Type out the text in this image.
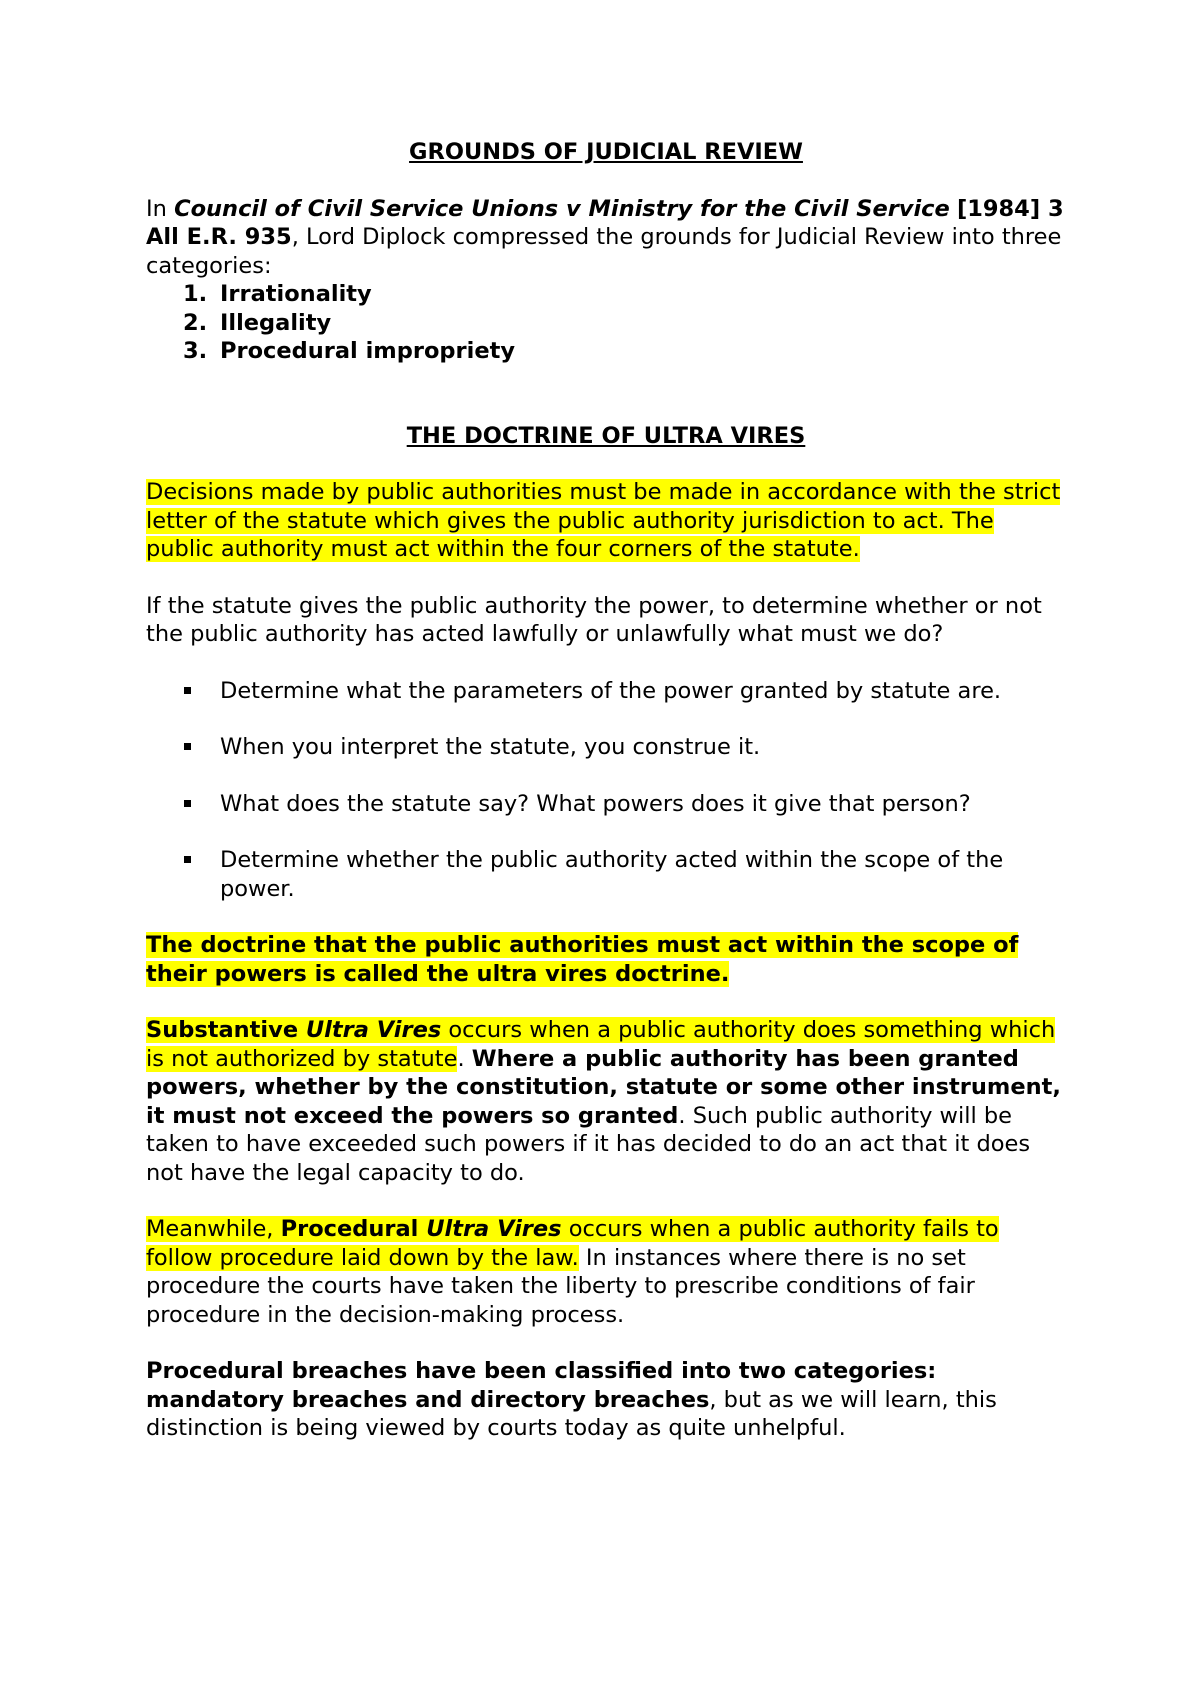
GROUNDS OF JUDICIAL REVIEW

In Council of Civil Service Unions v Ministry for the Civil Service [1984] 3 All E.R. 935, Lord Diplock compressed the grounds for Judicial Review into three categories:

1. Irrationality
2. Illegality
3. Procedural impropriety

THE DOCTRINE OF ULTRA VIRES

Decisions made by public authorities must be made in accordance with the strict letter of the statute which gives the public authority jurisdiction to act. The public authority must act within the four corners of the statute.

If the statute gives the public authority the power, to determine whether or not the public authority has acted lawfully or unlawfully what must we do?

Determine what the parameters of the power granted by statute are.
When you interpret the statute, you construe it.
What does the statute say? What powers does it give that person?
Determine whether the public authority acted within the scope of the power.

The doctrine that the public authorities must act within the scope of their powers is called the ultra vires doctrine.

Substantive Ultra Vires occurs when a public authority does something which is not authorized by statute. Where a public authority has been granted powers, whether by the constitution, statute or some other instrument, it must not exceed the powers so granted. Such public authority will be taken to have exceeded such powers if it has decided to do an act that it does not have the legal capacity to do.

Meanwhile, Procedural Ultra Vires occurs when a public authority fails to follow procedure laid down by the law. In instances where there is no set procedure the courts have taken the liberty to prescribe conditions of fair procedure in the decision-making process.

Procedural breaches have been classified into two categories: mandatory breaches and directory breaches, but as we will learn, this distinction is being viewed by courts today as quite unhelpful.
